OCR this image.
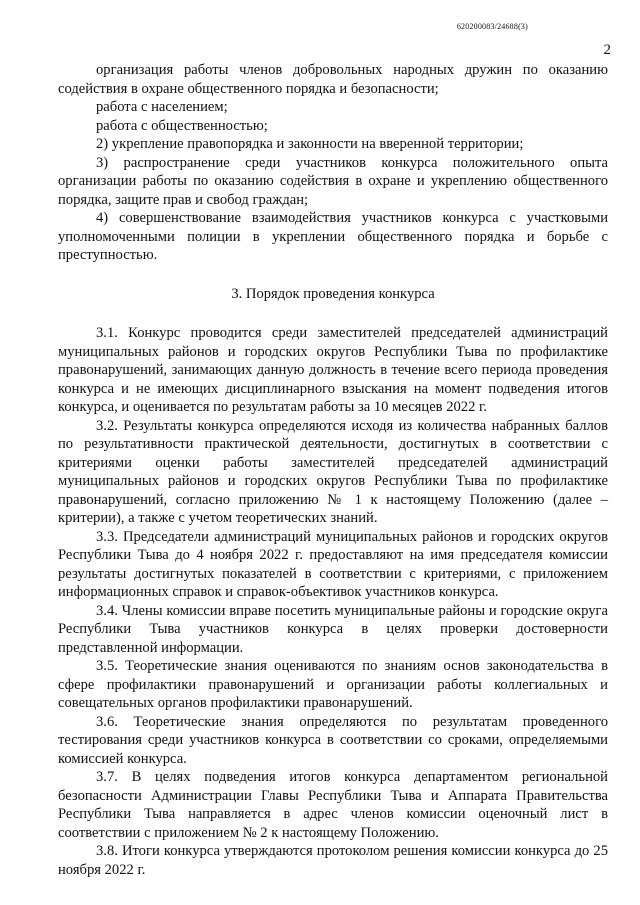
620200083/24688(3)
2

организация работы членов добровольных народных дружин по оказанию содействия в охране общественного порядка и безопасности;

работа с населением;

работа с общественностью;

2) укрепление правопорядка и законности на вверенной территории;

3) распространение среди участников конкурса положительного опыта организации работы по оказанию содействия в охране и укреплению общественного порядка, защите прав и свобод граждан;

4) совершенствование взаимодействия участников конкурса с участковыми уполномоченными полиции в укреплении общественного порядка и борьбе с преступностью.

3. Порядок проведения конкурса

3.1. Конкурс проводится среди заместителей председателей администраций муниципальных районов и городских округов Республики Тыва по профилактике правонарушений, занимающих данную должность в течение всего периода проведения конкурса и не имеющих дисциплинарного взыскания на момент подведения итогов конкурса, и оценивается по результатам работы за 10 месяцев 2022 г.

3.2. Результаты конкурса определяются исходя из количества набранных баллов по результативности практической деятельности, достигнутых в соответствии с критериями оценки работы заместителей председателей администраций муниципальных районов и городских округов Республики Тыва по профилактике правонарушений, согласно приложению № 1 к настоящему Положению (далее – критерии), а также с учетом теоретических знаний.

3.3. Председатели администраций муниципальных районов и городских округов Республики Тыва до 4 ноября 2022 г. предоставляют на имя председателя комиссии результаты достигнутых показателей в соответствии с критериями, с приложением информационных справок и справок-объективок участников конкурса.

3.4. Члены комиссии вправе посетить муниципальные районы и городские округа Республики Тыва участников конкурса в целях проверки достоверности представленной информации.

3.5. Теоретические знания оцениваются по знаниям основ законодательства в сфере профилактики правонарушений и организации работы коллегиальных и совещательных органов профилактики правонарушений.

3.6. Теоретические знания определяются по результатам проведенного тестирования среди участников конкурса в соответствии со сроками, определяемыми комиссией конкурса.

3.7. В целях подведения итогов конкурса департаментом региональной безопасности Администрации Главы Республики Тыва и Аппарата Правительства Республики Тыва направляется в адрес членов комиссии оценочный лист в соответствии с приложением № 2 к настоящему Положению.

3.8. Итоги конкурса утверждаются протоколом решения комиссии конкурса до 25 ноября 2022 г.
